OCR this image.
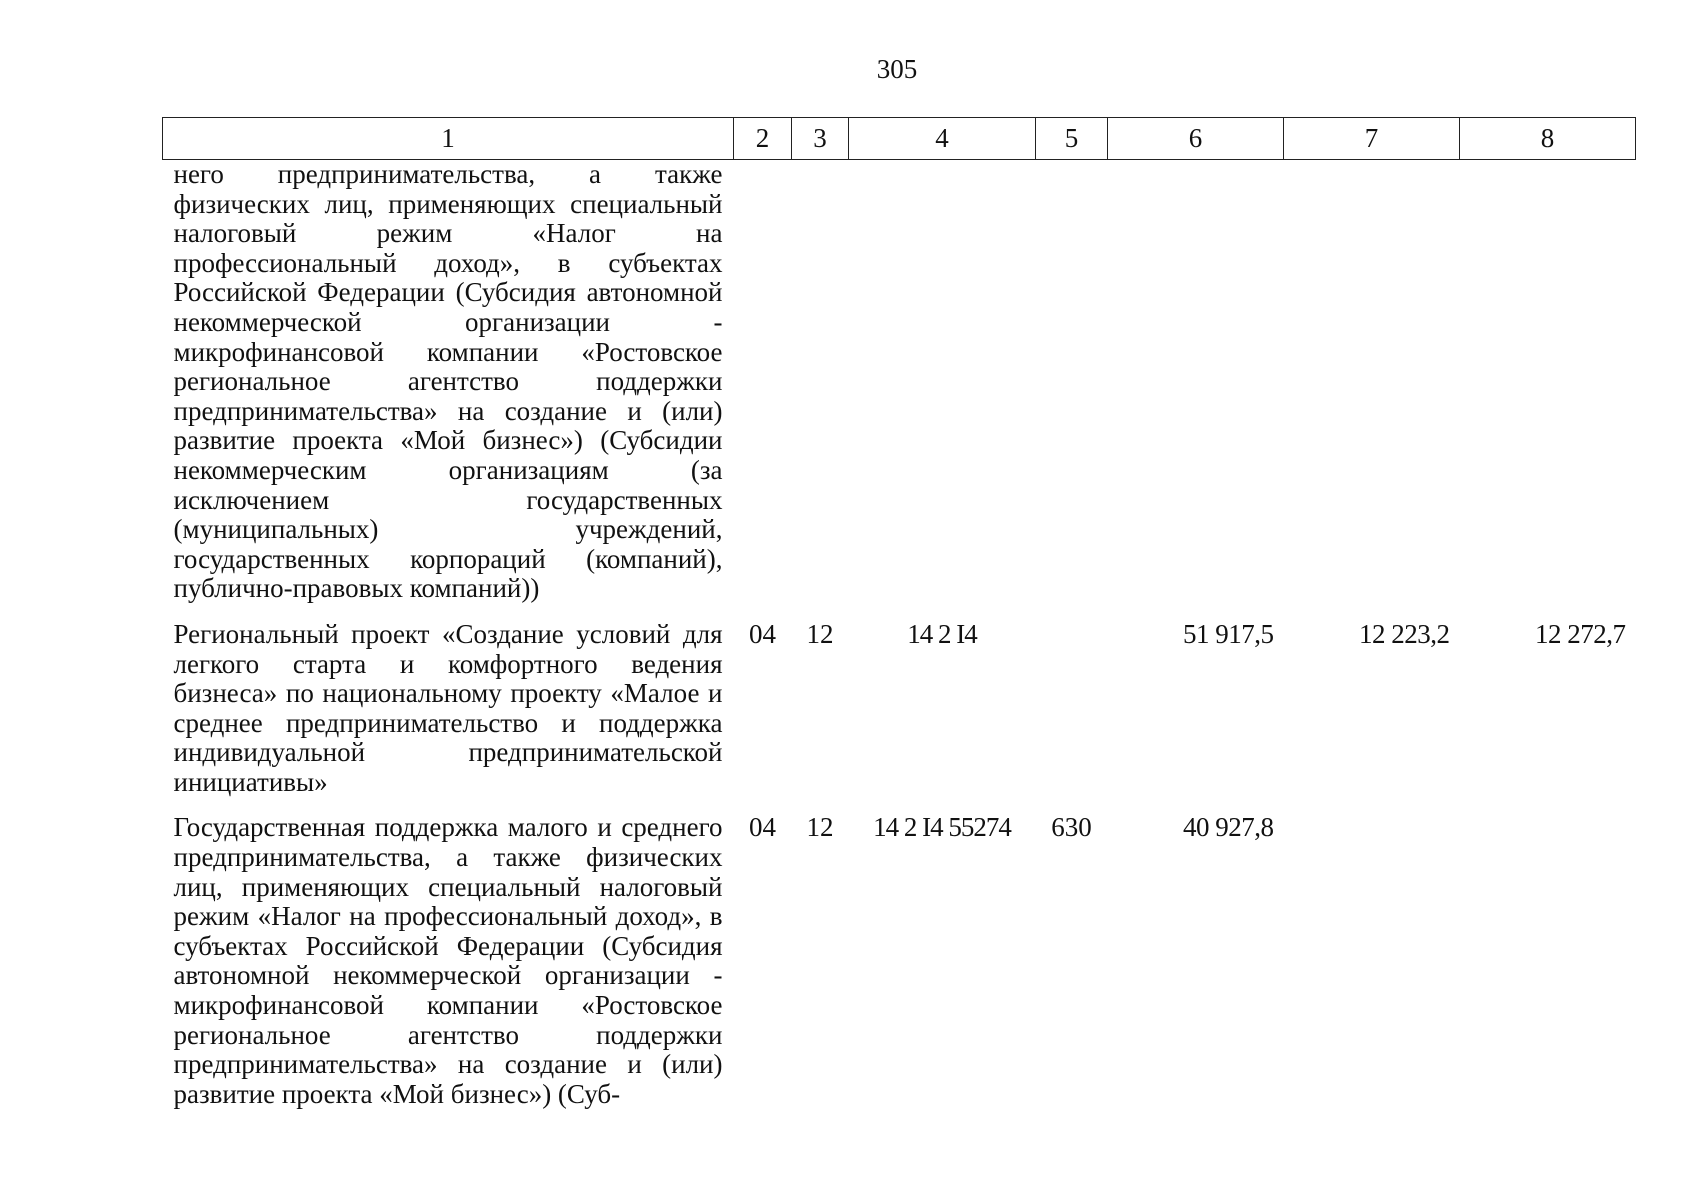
305
1	2	3	4	5	6	7	8
него предпринимательства, а также физических лиц, применяющих специальный налоговый режим «Налог на профессиональный доход», в субъектах Российской Федерации (Субсидия автономной некоммерческой организации - микрофинансовой компании «Ростовское региональное агентство поддержки предпринимательства» на создание и (или) развитие проекта «Мой бизнес») (Субсидии некоммерческим организациям (за исключением государственных (муниципальных) учреждений, государственных корпораций (компаний), публично-правовых компаний))							
Региональный проект «Создание условий для легкого старта и комфортного ведения бизнеса» по национальному проекту «Малое и среднее предпринимательство и поддержка индивидуальной предпринимательской инициативы»	04	12	14 2 I4		51 917,5	12 223,2	12 272,7
Государственная поддержка малого и среднего предпринимательства, а также физических лиц, применяющих специальный налоговый режим «Налог на профессиональный доход», в субъектах Российской Федерации (Субсидия автономной некоммерческой организации - микрофинансовой компании «Ростовское региональное агентство поддержки предпринимательства» на создание и (или) развитие проекта «Мой бизнес») (Суб-	04	12	14 2 I4 55274	630	40 927,8		
